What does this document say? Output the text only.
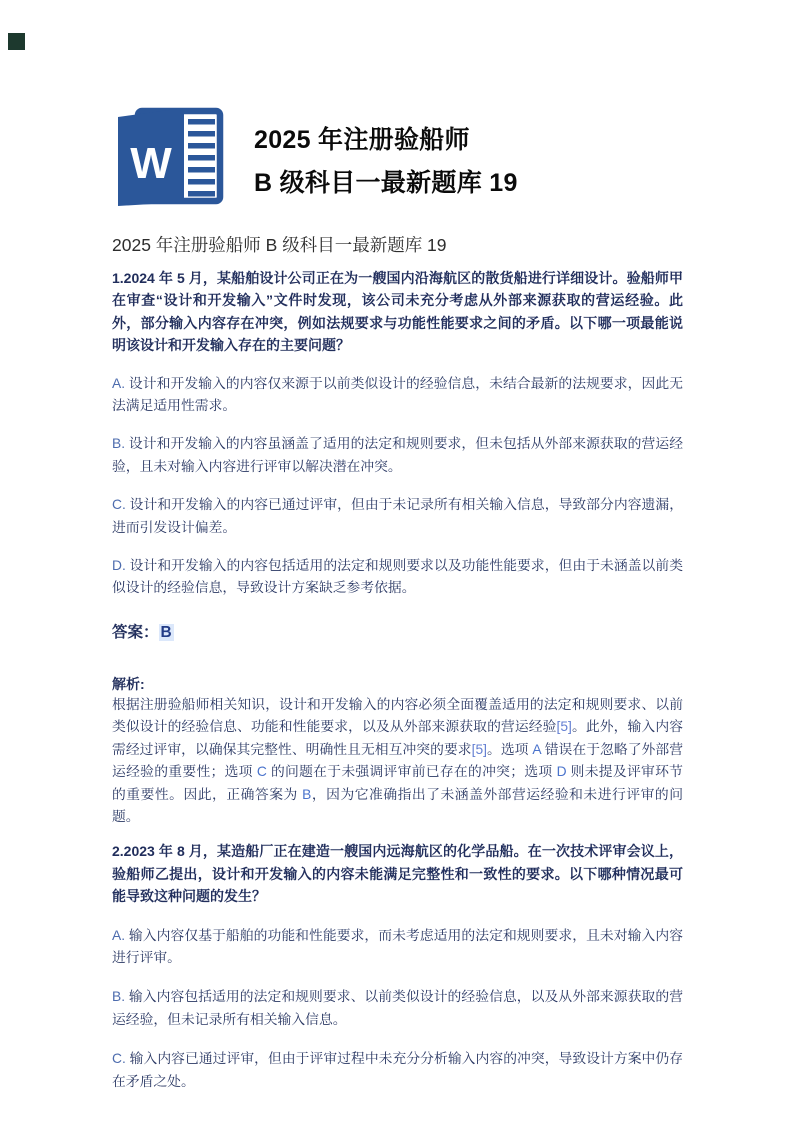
W	2025 年注册验船师
B 级科目一最新题库 19
2025 年注册验船师 B 级科目一最新题库 19
1.2024 年 5 月，某船舶设计公司正在为一艘国内沿海航区的散货船进行详细设计。验船师甲在审查“设计和开发输入”文件时发现，该公司未充分考虑从外部来源获取的营运经验。此外，部分输入内容存在冲突，例如法规要求与功能性能要求之间的矛盾。以下哪一项最能说明该设计和开发输入存在的主要问题？
A. 设计和开发输入的内容仅来源于以前类似设计的经验信息，未结合最新的法规要求，因此无法满足适用性需求。
B. 设计和开发输入的内容虽涵盖了适用的法定和规则要求，但未包括从外部来源获取的营运经验，且未对输入内容进行评审以解决潜在冲突。
C. 设计和开发输入的内容已通过评审，但由于未记录所有相关输入信息，导致部分内容遗漏，进而引发设计偏差。
D. 设计和开发输入的内容包括适用的法定和规则要求以及功能性能要求，但由于未涵盖以前类似设计的经验信息，导致设计方案缺乏参考依据。
答案： B
解析:
根据注册验船师相关知识，设计和开发输入的内容必须全面覆盖适用的法定和规则要求、以前类似设计的经验信息、功能和性能要求，以及从外部来源获取的营运经验[5]。此外，输入内容需经过评审，以确保其完整性、明确性且无相互冲突的要求[5]。选项 A 错误在于忽略了外部营运经验的重要性；选项 C 的问题在于未强调评审前已存在的冲突；选项 D 则未提及评审环节的重要性。因此，正确答案为 B，因为它准确指出了未涵盖外部营运经验和未进行评审的问题。
2.2023 年 8 月，某造船厂正在建造一艘国内远海航区的化学品船。在一次技术评审会议上，验船师乙提出，设计和开发输入的内容未能满足完整性和一致性的要求。以下哪种情况最可能导致这种问题的发生？
A. 输入内容仅基于船舶的功能和性能要求，而未考虑适用的法定和规则要求，且未对输入内容进行评审。
B. 输入内容包括适用的法定和规则要求、以前类似设计的经验信息，以及从外部来源获取的营运经验，但未记录所有相关输入信息。
C. 输入内容已通过评审，但由于评审过程中未充分分析输入内容的冲突，导致设计方案中仍存在矛盾之处。
